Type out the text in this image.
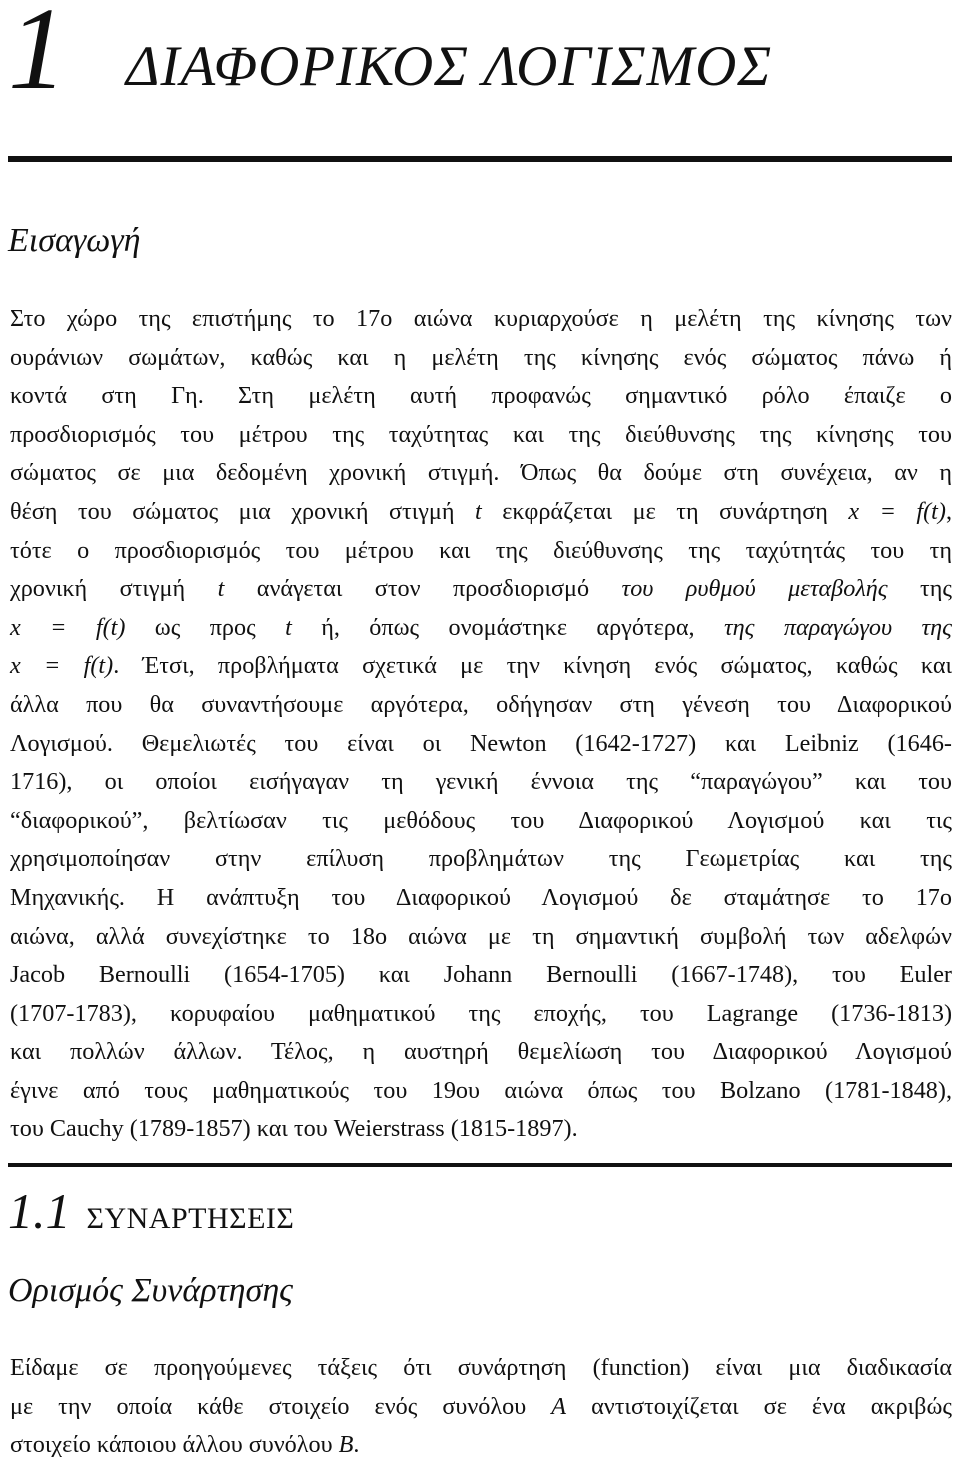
1 ΔΙΑΦΟΡΙΚΟΣ ΛΟΓΙΣΜΟΣ
Εισαγωγή
Στο χώρο της επιστήμης το 17ο αιώνα κυριαρχούσε η μελέτη της κίνησης των
ουράνιων σωμάτων, καθώς και η μελέτη της κίνησης ενός σώματος πάνω ή
κοντά στη Γη. Στη μελέτη αυτή προφανώς σημαντικό ρόλο έπαιζε ο
προσδιορισμός του μέτρου της ταχύτητας και της διεύθυνσης της κίνησης του
σώματος σε μια δεδομένη χρονική στιγμή. Όπως θα δούμε στη συνέχεια, αν η
θέση του σώματος μια χρονική στιγμή t εκφράζεται με τη συνάρτηση x = f(t),
τότε ο προσδιορισμός του μέτρου και της διεύθυνσης της ταχύτητάς του τη
χρονική στιγμή t ανάγεται στον προσδιορισμό του ρυθμού μεταβολής της
x = f(t) ως προς t ή, όπως ονομάστηκε αργότερα, της παραγώγου της
x = f(t). Έτσι, προβλήματα σχετικά με την κίνηση ενός σώματος, καθώς και
άλλα που θα συναντήσουμε αργότερα, οδήγησαν στη γένεση του Διαφορικού
Λογισμού. Θεμελιωτές του είναι οι Newton (1642-1727) και Leibniz (1646-
1716), οι οποίοι εισήγαγαν τη γενική έννοια της “παραγώγου” και του
“διαφορικού”, βελτίωσαν τις μεθόδους του Διαφορικού Λογισμού και τις
χρησιμοποίησαν στην επίλυση προβλημάτων της Γεωμετρίας και της
Μηχανικής. Η ανάπτυξη του Διαφορικού Λογισμού δε σταμάτησε το 17ο
αιώνα, αλλά συνεχίστηκε το 18ο αιώνα με τη σημαντική συμβολή των αδελφών
Jacob Bernoulli (1654-1705) και Johann Bernoulli (1667-1748), του Euler
(1707-1783), κορυφαίου μαθηματικού της εποχής, του Lagrange (1736-1813)
και πολλών άλλων. Τέλος, η αυστηρή θεμελίωση του Διαφορικού Λογισμού
έγινε από τους μαθηματικούς του 19ου αιώνα όπως του Bolzano (1781-1848),
του Cauchy (1789-1857) και του Weierstrass (1815-1897).
1.1 ΣΥΝΑΡΤΗΣΕΙΣ
Ορισμός Συνάρτησης
Είδαμε σε προηγούμενες τάξεις ότι συνάρτηση (function) είναι μια διαδικασία
με την οποία κάθε στοιχείο ενός συνόλου A αντιστοιχίζεται σε ένα ακριβώς
στοιχείο κάποιου άλλου συνόλου B.
